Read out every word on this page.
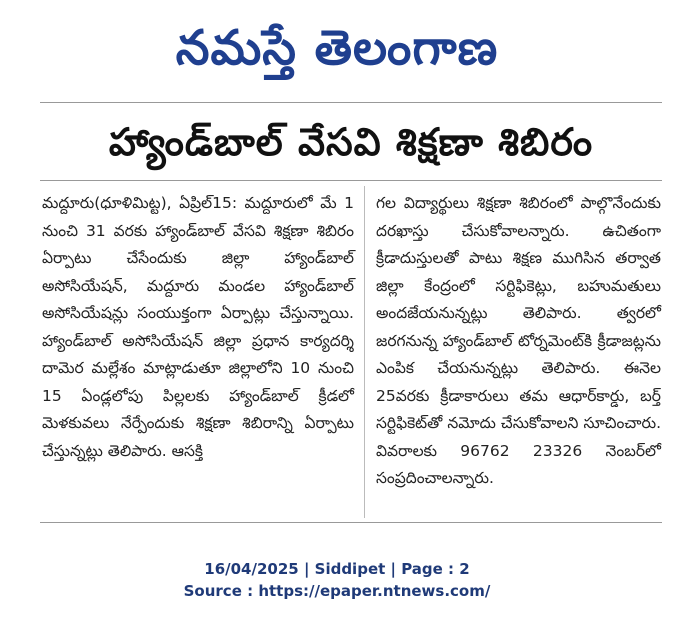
నమస్తే తెలంగాణ
హ్యాండ్‌బాల్ వేసవి శిక్షణా శిబిరం

మద్దూరు(ధూళిమిట్ట), ఏప్రిల్15: మద్దూరులో మే 1 నుంచి 31 వరకు హ్యాండ్‌బాల్ వేసవి శిక్షణా శిబిరం ఏర్పాటు చేసేందుకు జిల్లా హ్యాండ్‌బాల్ అసోసియేషన్, మద్దూరు మండల హ్యాండ్‌బాల్ అసోసియేషన్లు సంయుక్తంగా ఏర్పాట్లు చేస్తున్నాయి. హ్యాండ్‌బాల్ అసోసియేషన్ జిల్లా ప్రధాన కార్యదర్శి దామెర మల్లేశం మాట్లాడుతూ జిల్లాలోని 10 నుంచి 15 ఏండ్లలోపు పిల్లలకు హ్యాండ్‌బాల్ క్రీడలో మెళకువలు నేర్పేందుకు శిక్షణా శిబిరాన్ని ఏర్పాటు చేస్తున్నట్లు తెలిపారు. ఆసక్తి

గల విద్యార్థులు శిక్షణా శిబిరంలో పాల్గొనేందుకు దరఖాస్తు చేసుకోవాలన్నారు. ఉచితంగా క్రీడాదుస్తులతో పాటు శిక్షణ ముగిసిన తర్వాత జిల్లా కేంద్రంలో సర్టిఫికెట్లు, బహుమతులు అందజేయనున్నట్లు తెలిపారు. త్వరలో జరగనున్న హ్యాండ్‌బాల్ టోర్నమెంట్‌కి క్రీడాజట్లను ఎంపిక చేయనున్నట్లు తెలిపారు. ఈనెల 25వరకు క్రీడాకారులు తమ ఆధార్‌కార్డు, బర్త్ సర్టిఫికెట్‌తో నమోదు చేసుకోవాలని సూచించారు. వివరాలకు 96762 23326 నెంబర్‌లో సంప్రదించాలన్నారు.

16/04/2025 | Siddipet | Page : 2
Source : https://epaper.ntnews.com/
